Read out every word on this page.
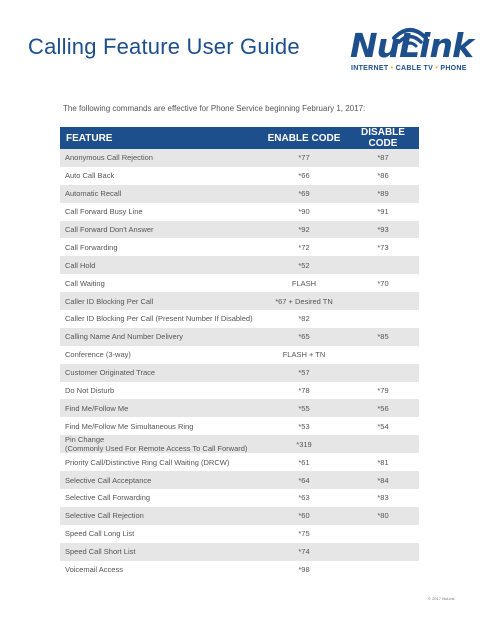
Calling Feature User Guide NuLink
INTERNET • CABLE TV • PHONE
The following commands are effective for Phone Service beginning February 1, 2017:
FEATURE	ENABLE CODE	DISABLE CODE
Anonymous Call Rejection	*77	*87
Auto Call Back	*66	*86
Automatic Recall	*69	*89
Call Forward Busy Line	*90	*91
Call Forward Don't Answer	*92	*93
Call Forwarding	*72	*73
Call Hold	*52	
Call Waiting	FLASH	*70
Caller ID Blocking Per Call	*67 + Desired TN	
Caller ID Blocking Per Call (Present Number If Disabled)	*82	
Calling Name And Number Delivery	*65	*85
Conference (3-way)	FLASH + TN	
Customer Originated Trace	*57	
Do Not Disturb	*78	*79
Find Me/Follow Me	*55	*56
Find Me/Follow Me Simultaneous Ring	*53	*54

Pin Change
(Commonly Used For Remote Access To Call Forward)	*319	
Priority Call/Distinctive Ring Call Waiting (DRCW)	*61	*81
Selective Call Acceptance	*64	*84
Selective Call Forwarding	*63	*83
Selective Call Rejection	*60	*80
Speed Call Long List	*75	
Speed Call Short List	*74	
Voicemail Access	*98	
© 2017 NuLink
